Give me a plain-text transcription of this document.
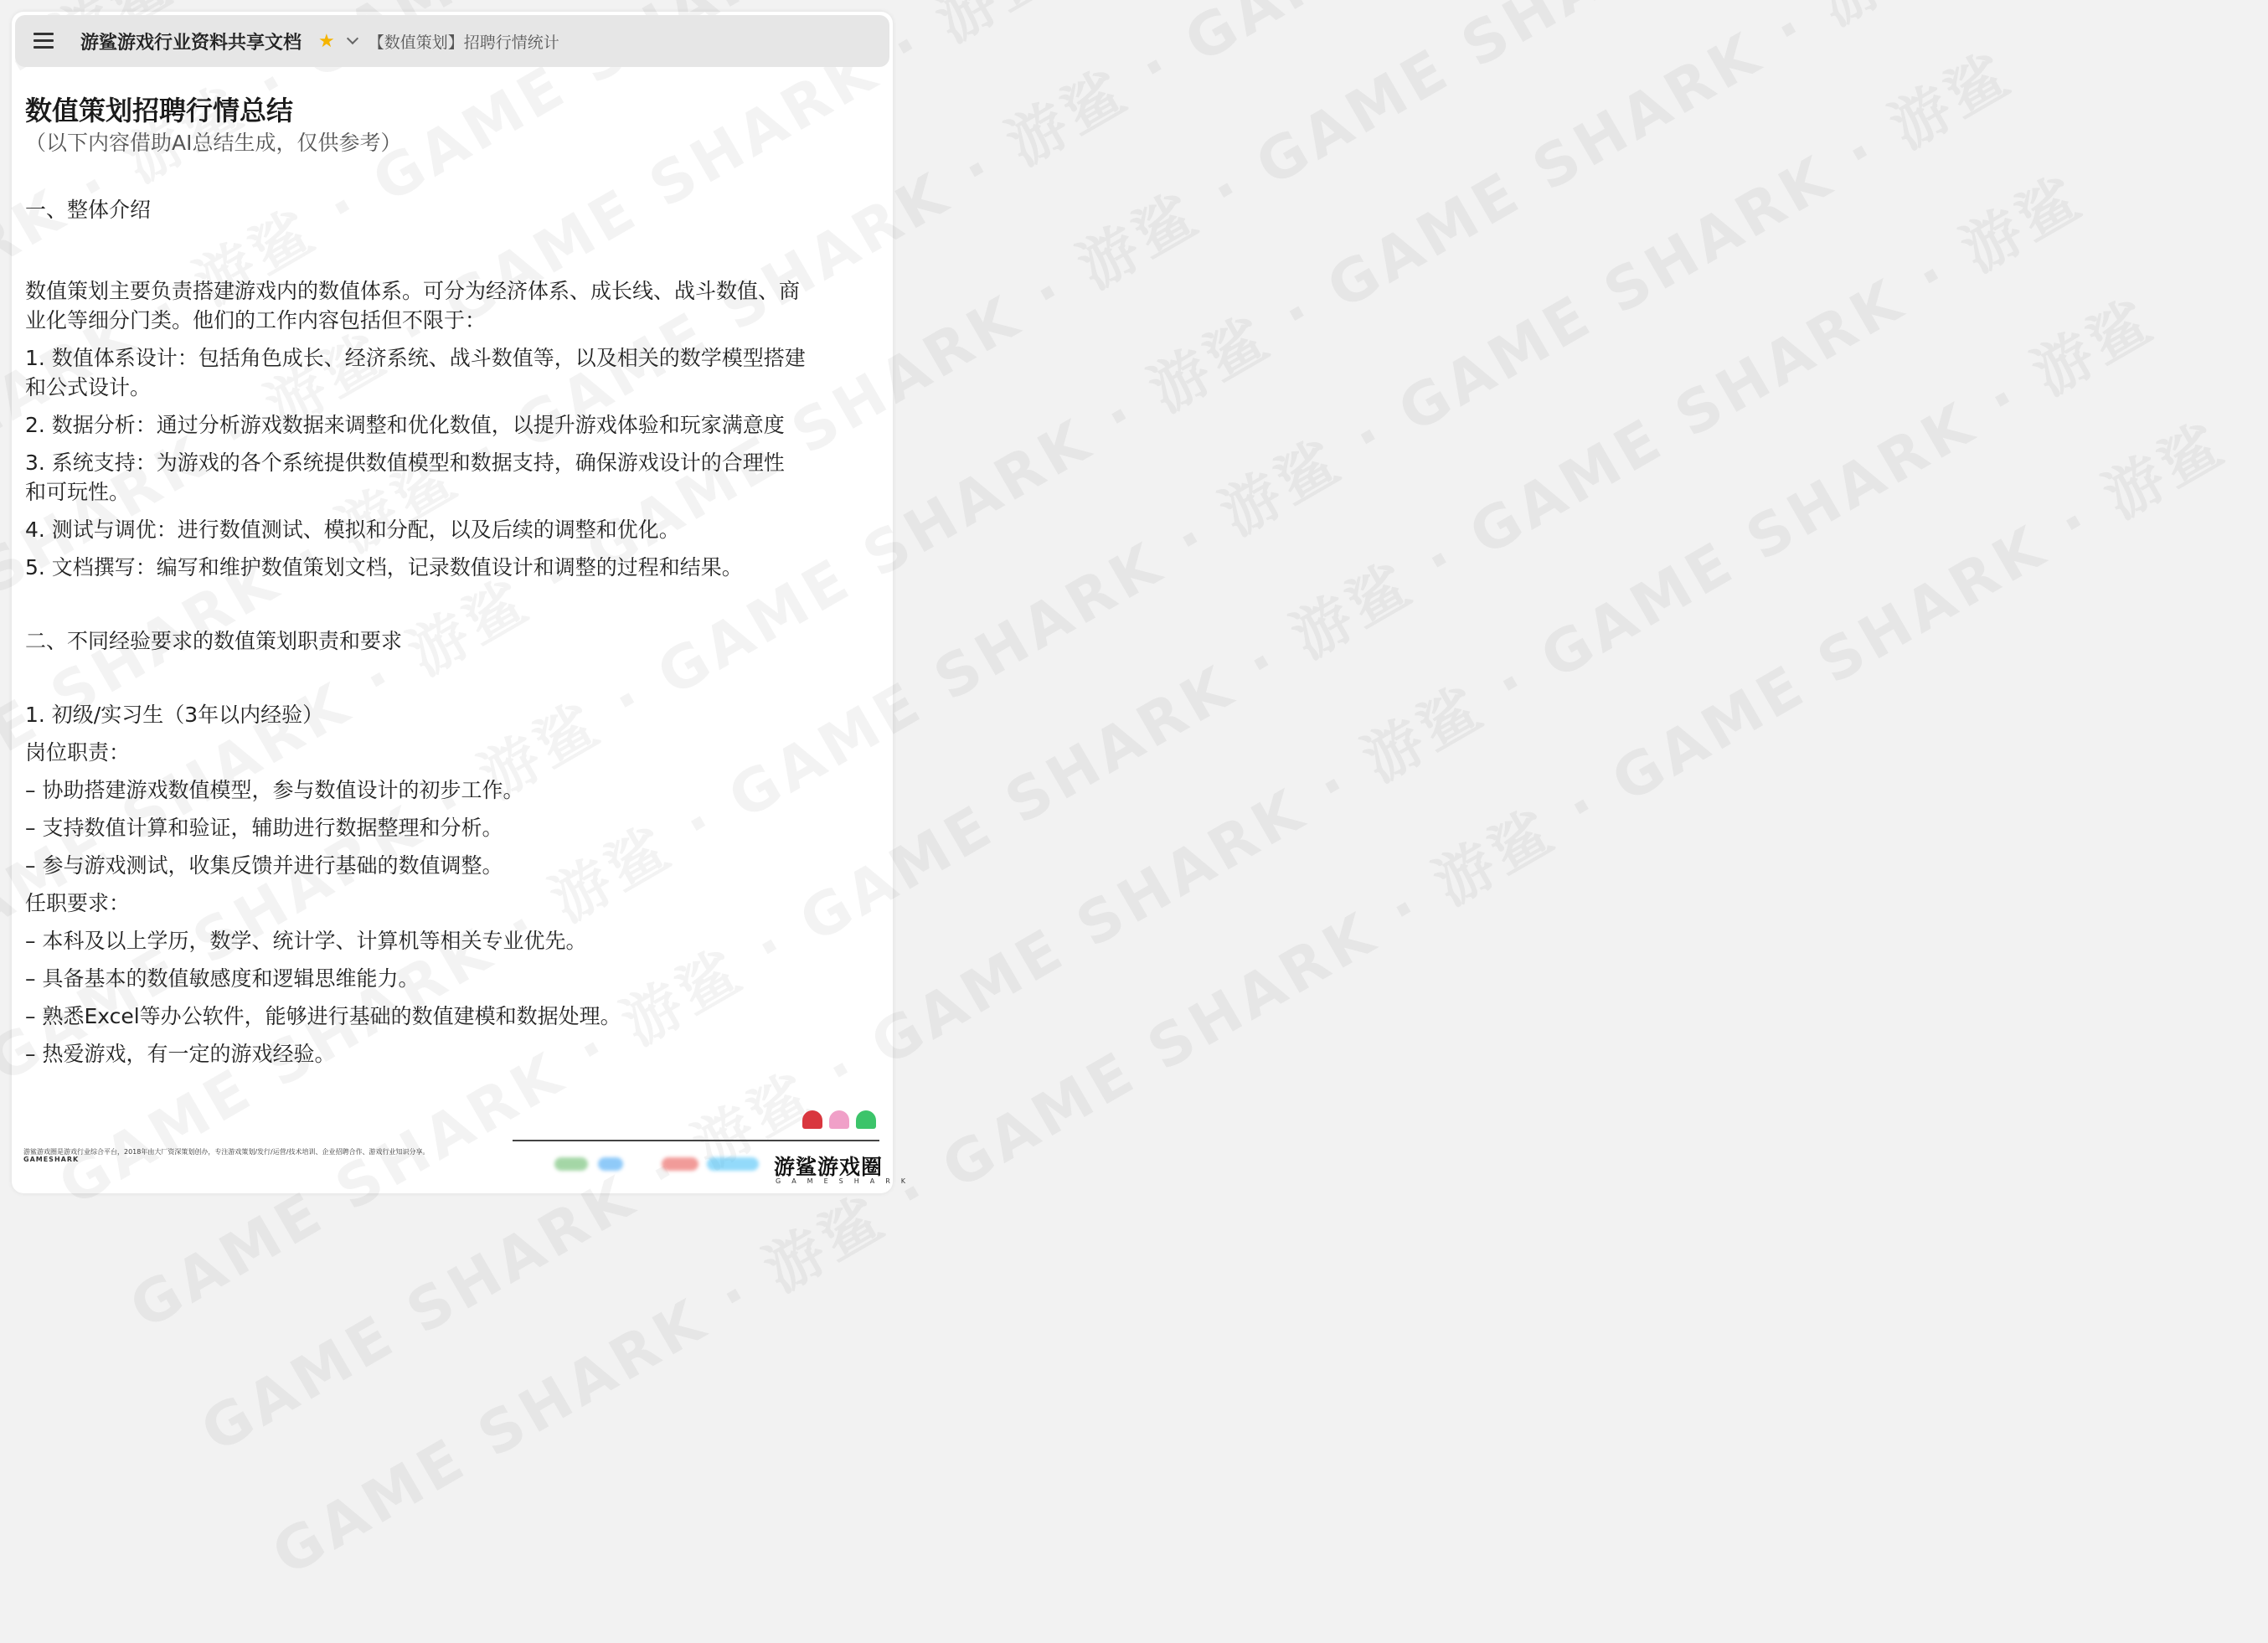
游鲨游戏行业资料共享文档 ★ 【数值策划】招聘行情统计
数值策划招聘行情总结
（以下内容借助AI总结生成，仅供参考）
一、整体介绍
数值策划主要负责搭建游戏内的数值体系。可分为经济体系、成长线、战斗数值、商
业化等细分门类。他们的工作内容包括但不限于：
1. 数值体系设计：包括角色成长、经济系统、战斗数值等，以及相关的数学模型搭建
和公式设计。
2. 数据分析：通过分析游戏数据来调整和优化数值，以提升游戏体验和玩家满意度
3. 系统支持：为游戏的各个系统提供数值模型和数据支持，确保游戏设计的合理性
和可玩性。
4. 测试与调优：进行数值测试、模拟和分配，以及后续的调整和优化。
5. 文档撰写：编写和维护数值策划文档，记录数值设计和调整的过程和结果。
二、不同经验要求的数值策划职责和要求
1. 初级/实习生（3年以内经验）
岗位职责：
– 协助搭建游戏数值模型，参与数值设计的初步工作。
– 支持数值计算和验证，辅助进行数据整理和分析。
– 参与游戏测试，收集反馈并进行基础的数值调整。
任职要求：
– 本科及以上学历，数学、统计学、计算机等相关专业优先。
– 具备基本的数值敏感度和逻辑思维能力。
– 熟悉Excel等办公软件，能够进行基础的数值建模和数据处理。
– 热爱游戏，有一定的游戏经验。
游鲨游戏圈是游戏行业综合平台，2018年由大厂资深策划创办，专注游戏策划/发行/运营/技术培训、企业招聘合作、游戏行业知识分享。
GAMESHARK	游鲨游戏圈
GAMESHARK
